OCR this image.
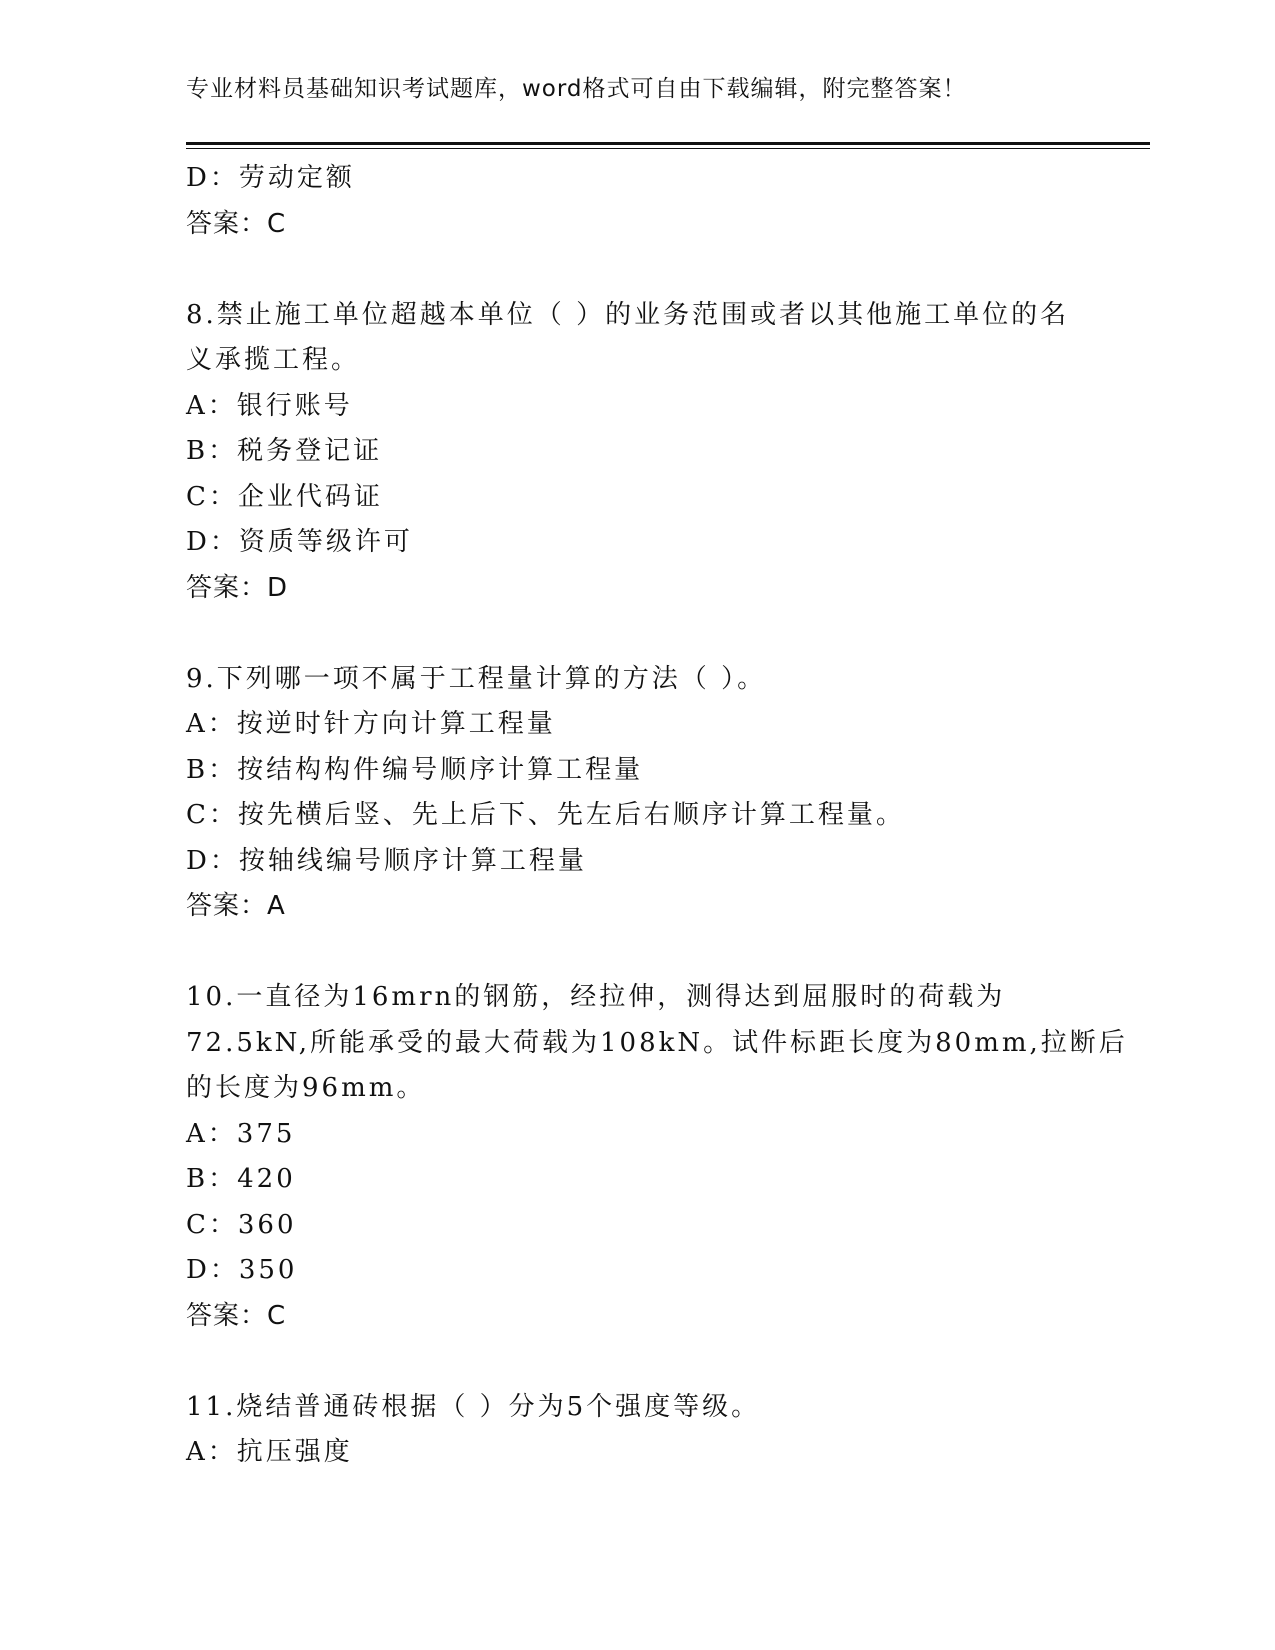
专业材料员基础知识考试题库，word格式可自由下载编辑，附完整答案！
D：劳动定额
答案：C
8.禁止施工单位超越本单位（ ）的业务范围或者以其他施工单位的名
义承揽工程。
A：银行账号
B：税务登记证
C：企业代码证
D：资质等级许可
答案：D
9.下列哪一项不属于工程量计算的方法（ ）。
A：按逆时针方向计算工程量
B：按结构构件编号顺序计算工程量
C：按先横后竖、先上后下、先左后右顺序计算工程量。
D：按轴线编号顺序计算工程量
答案：A
10.一直径为16mrn的钢筋，经拉伸，测得达到屈服时的荷载为
72.5kN,所能承受的最大荷载为108kN。试件标距长度为80mm,拉断后
的长度为96mm。
A：375
B：420
C：360
D：350
答案：C
11.烧结普通砖根据（ ）分为5个强度等级。
A：抗压强度
